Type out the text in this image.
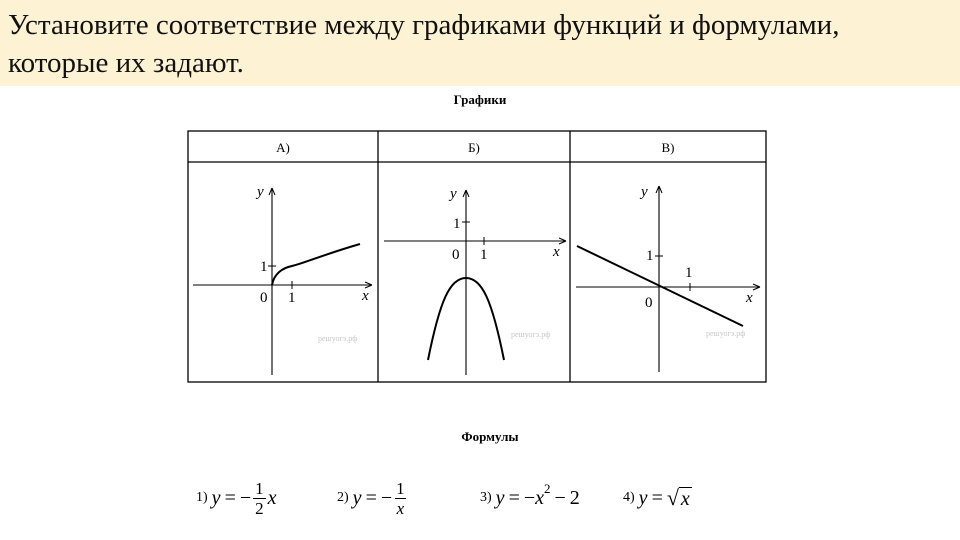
Установите соответствие между графиками функций и формулами,
которые их задают.
Графики
А)	Б)	В)
y
x
0
1
1
решуогэ.рф
y
x
0
1
1
решуогэ.рф
y
x
0
1
1
решуогэ.рф
Формулы
1) y = − $\frac{1}{2}$ x	2) y = − $\frac{1}{x}$	3) y = − x 2 − 2	4) y = √ x
